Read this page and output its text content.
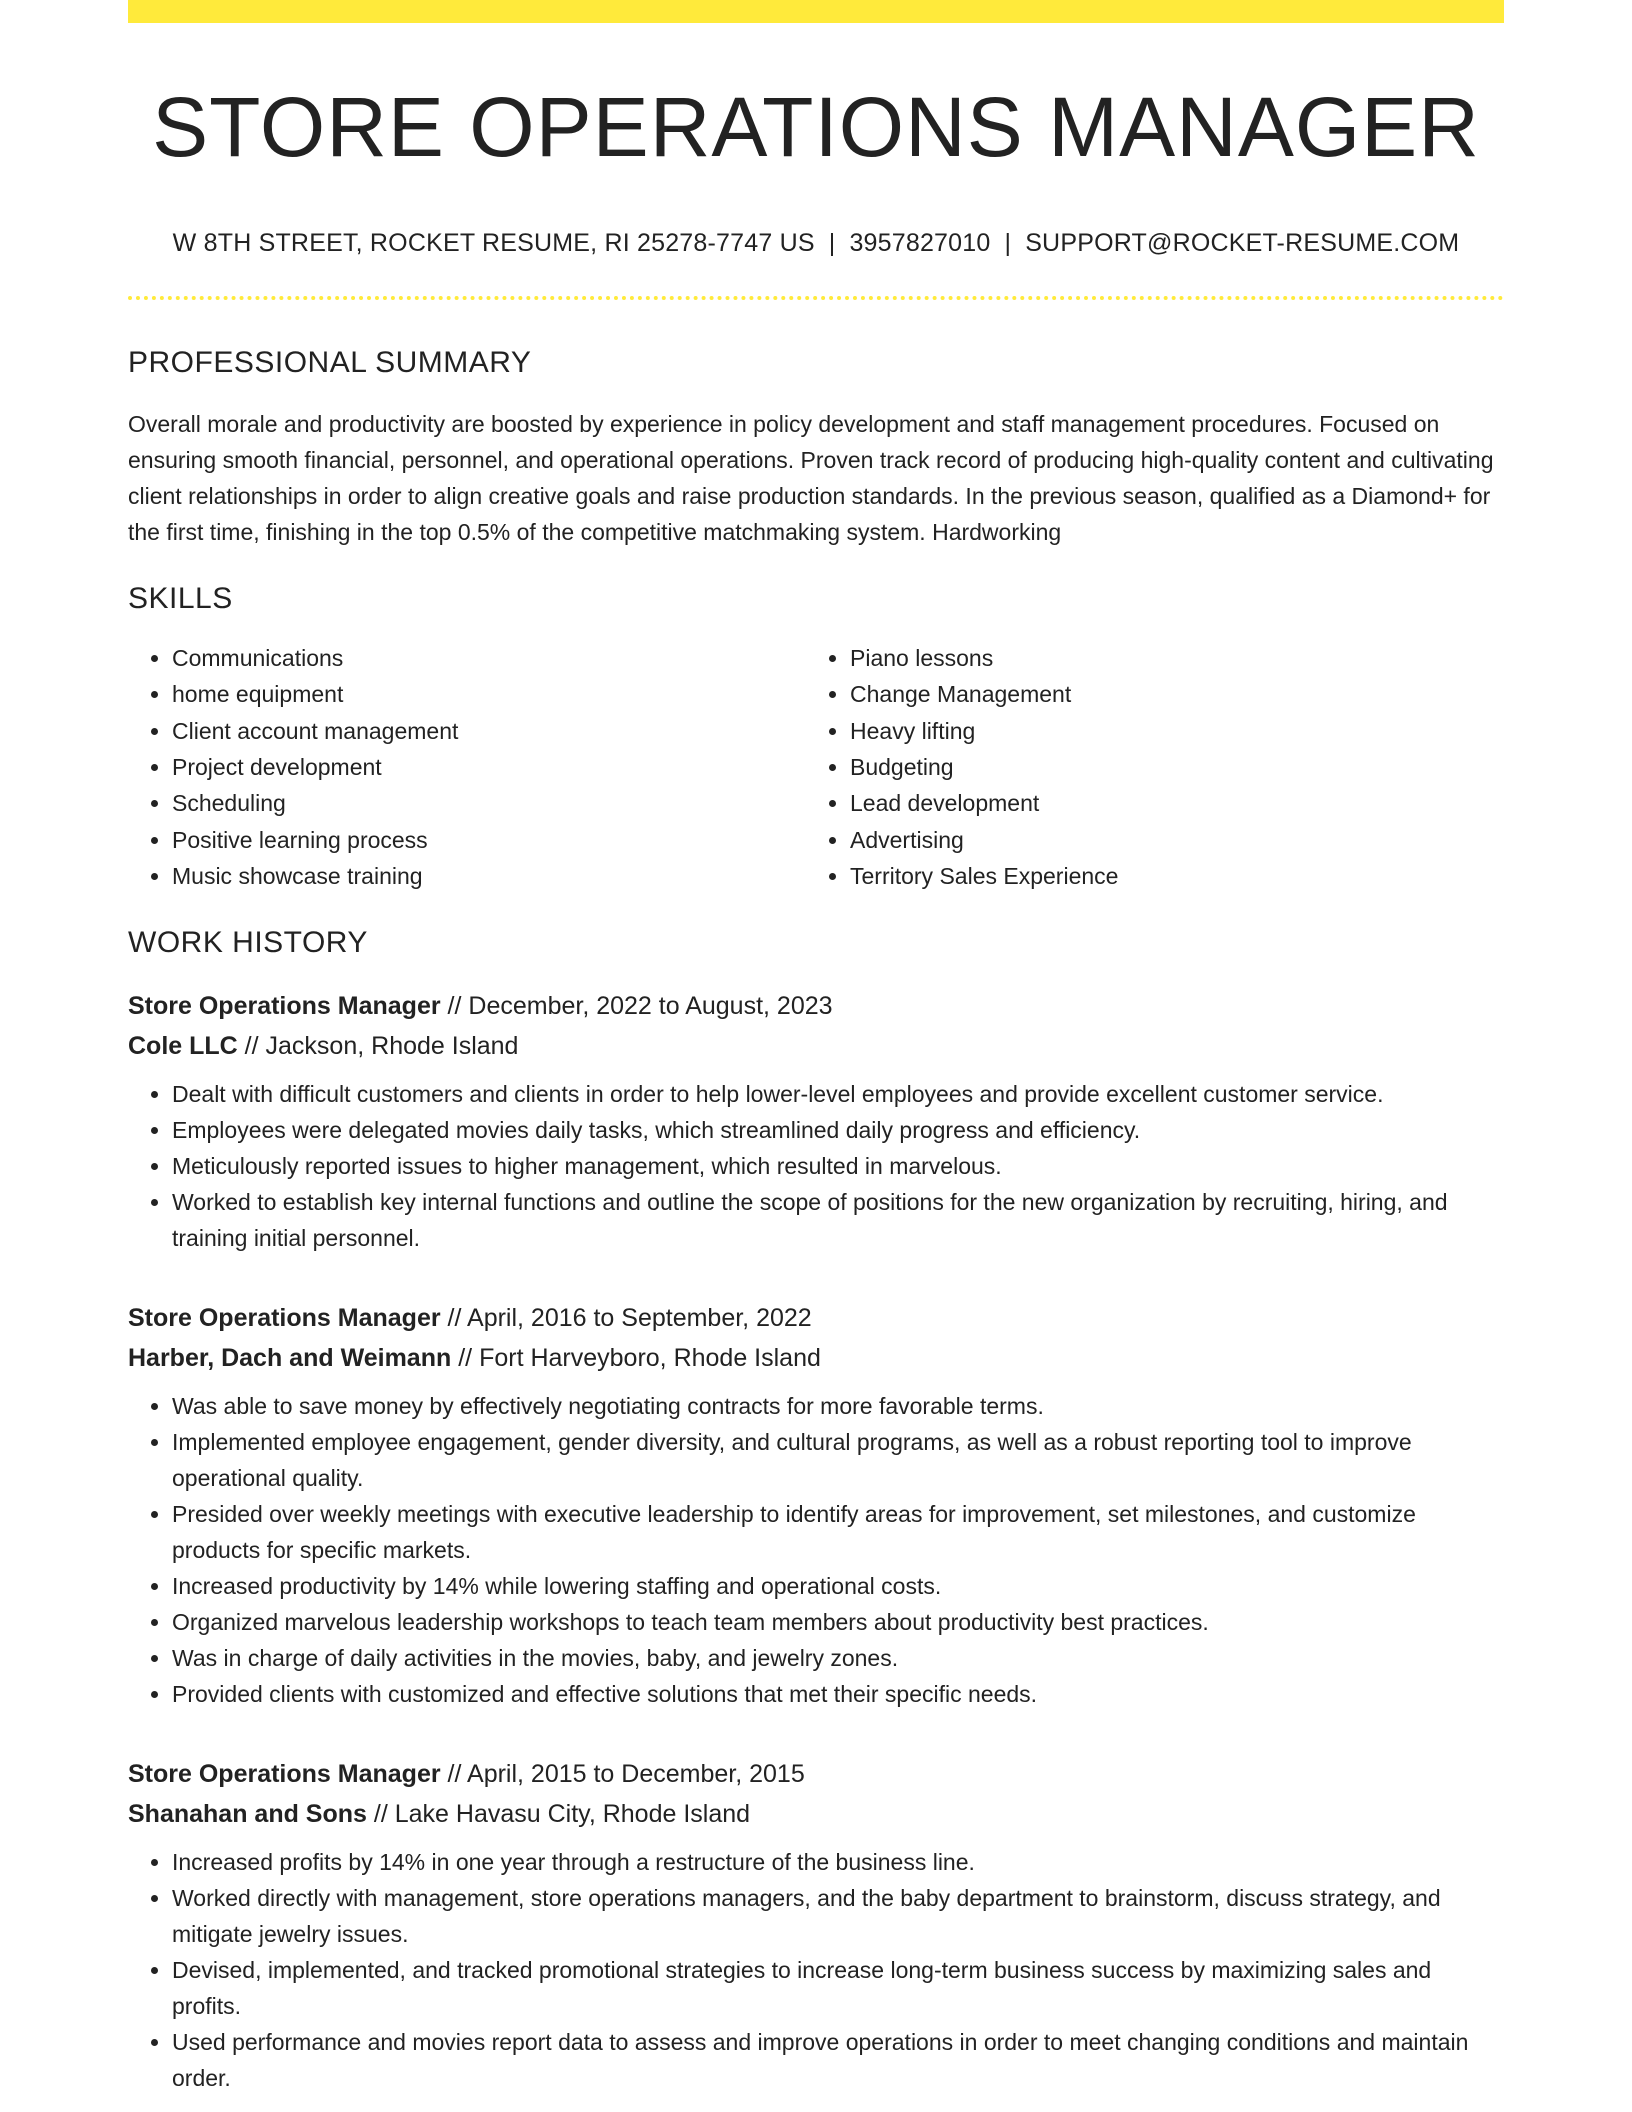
STORE OPERATIONS MANAGER
W 8TH STREET, ROCKET RESUME, RI 25278-7747 US | 3957827010 | SUPPORT@ROCKET-RESUME.COM
PROFESSIONAL SUMMARY
Overall morale and productivity are boosted by experience in policy development and staff management procedures. Focused on ensuring smooth financial, personnel, and operational operations. Proven track record of producing high-quality content and cultivating client relationships in order to align creative goals and raise production standards. In the previous season, qualified as a Diamond+ for the first time, finishing in the top 0.5% of the competitive matchmaking system. Hardworking
SKILLS
• Communications
• home equipment
• Client account management
• Project development
• Scheduling
• Positive learning process
• Music showcase training
• Piano lessons
• Change Management
• Heavy lifting
• Budgeting
• Lead development
• Advertising
• Territory Sales Experience
WORK HISTORY
Store Operations Manager // December, 2022 to August, 2023
Cole LLC // Jackson, Rhode Island
• Dealt with difficult customers and clients in order to help lower-level employees and provide excellent customer service.
• Employees were delegated movies daily tasks, which streamlined daily progress and efficiency.
• Meticulously reported issues to higher management, which resulted in marvelous.
• Worked to establish key internal functions and outline the scope of positions for the new organization by recruiting, hiring, and training initial personnel.
Store Operations Manager // April, 2016 to September, 2022
Harber, Dach and Weimann // Fort Harveyboro, Rhode Island
• Was able to save money by effectively negotiating contracts for more favorable terms.
• Implemented employee engagement, gender diversity, and cultural programs, as well as a robust reporting tool to improve operational quality.
• Presided over weekly meetings with executive leadership to identify areas for improvement, set milestones, and customize products for specific markets.
• Increased productivity by 14% while lowering staffing and operational costs.
• Organized marvelous leadership workshops to teach team members about productivity best practices.
• Was in charge of daily activities in the movies, baby, and jewelry zones.
• Provided clients with customized and effective solutions that met their specific needs.
Store Operations Manager // April, 2015 to December, 2015
Shanahan and Sons // Lake Havasu City, Rhode Island
• Increased profits by 14% in one year through a restructure of the business line.
• Worked directly with management, store operations managers, and the baby department to brainstorm, discuss strategy, and mitigate jewelry issues.
• Devised, implemented, and tracked promotional strategies to increase long-term business success by maximizing sales and profits.
• Used performance and movies report data to assess and improve operations in order to meet changing conditions and maintain order.
